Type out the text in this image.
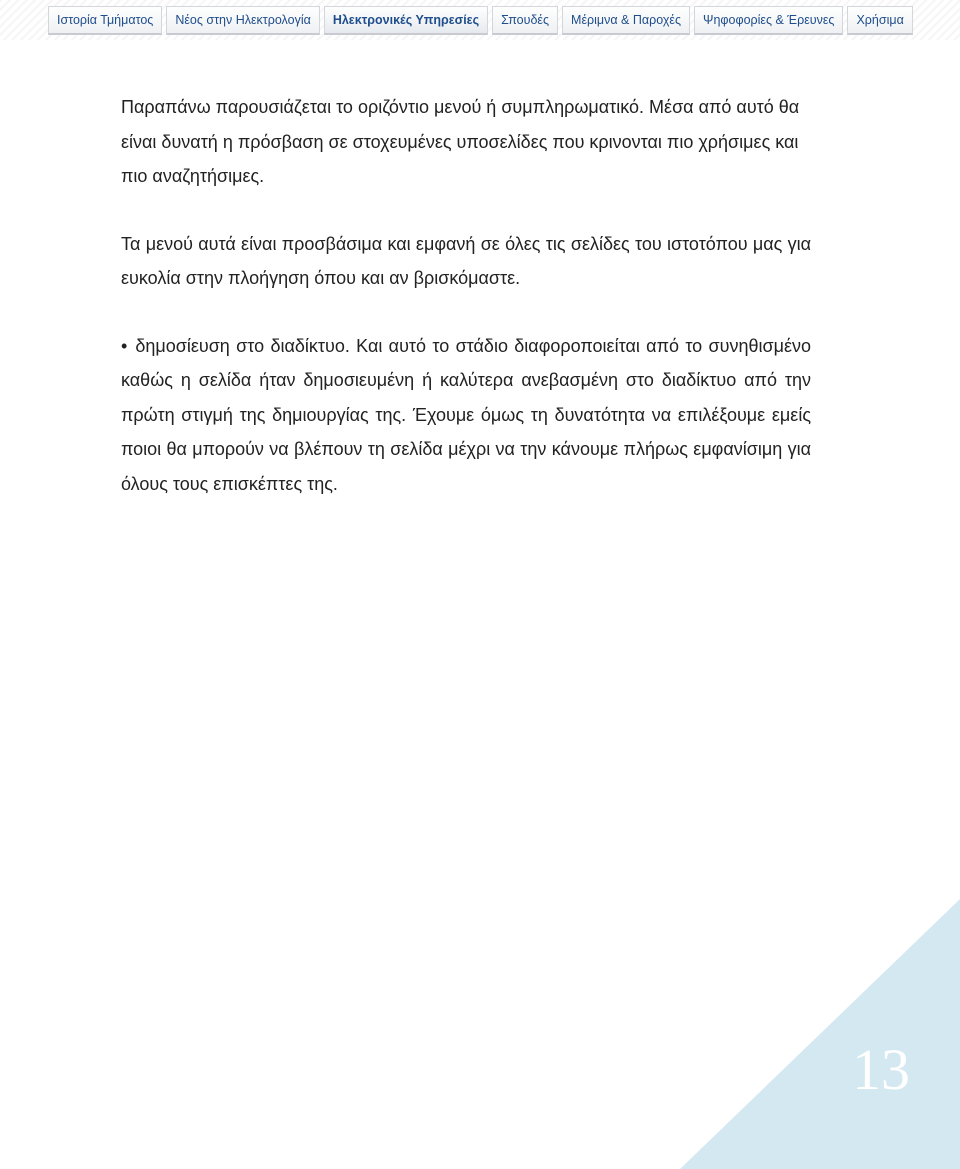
Ιστορία Τμήματος	Νέος στην Ηλεκτρολογία	Ηλεκτρονικές Υπηρεσίες	Σπουδές	Μέριμνα & Παροχές	Ψηφοφορίες & Έρευνες	Χρήσιμα

Παραπάνω παρουσιάζεται το οριζόντιο μενού ή συμπληρωματικό. Μέσα από αυτό θα είναι δυνατή η πρόσβαση σε στοχευμένες υποσελίδες που κρινονται πιο χρήσιμες και πιο αναζητήσιμες.

Τα μενού αυτά είναι προσβάσιμα και εμφανή σε όλες τις σελίδες του ιστοτόπου μας για ευκολία στην πλοήγηση όπου και αν βρισκόμαστε.

• δημοσίευση στο διαδίκτυο. Και αυτό το στάδιο διαφοροποιείται από το συνηθισμένο καθώς η σελίδα ήταν δημοσιευμένη ή καλύτερα ανεβασμένη στο διαδίκτυο από την πρώτη στιγμή της δημιουργίας της. Έχουμε όμως τη δυνατότητα να επιλέξουμε εμείς ποιοι θα μπορούν να βλέπουν τη σελίδα μέχρι να την κάνουμε πλήρως εμφανίσιμη για όλους τους επισκέπτες της.
13
